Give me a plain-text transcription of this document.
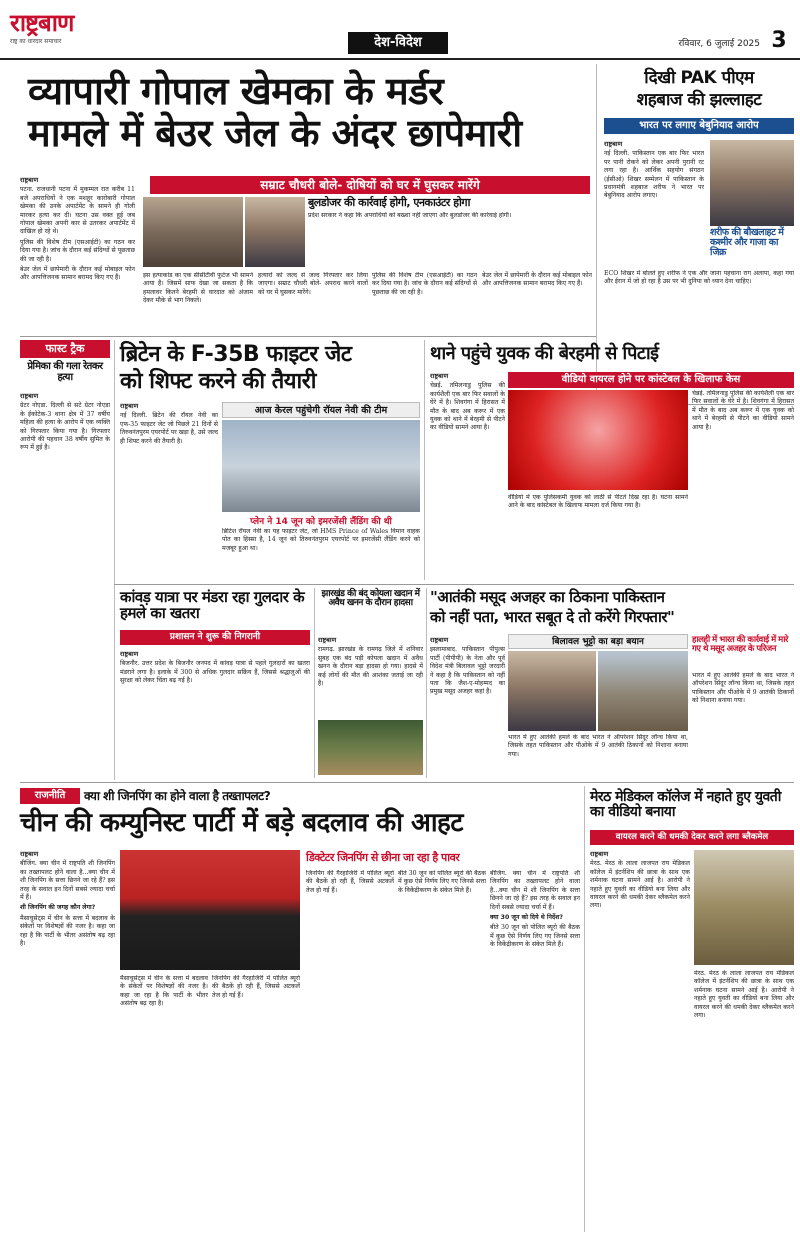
राष्ट्रबाण
राष्ट्र का धारदार समाचार	देश-विदेश	रविवार, 6 जुलाई 2025 3
व्यापारी गोपाल खेमका के मर्डर
मामले में बेउर जेल के अंदर छापेमारी
सम्राट चौधरी बोले- दोषियों को घर में घुसकर मारेंगे
राष्ट्रबाण

पटना. राजधानी पटना में मुकम्मल रात करीब 11 बजे अपराधियों ने एक मशहूर कारोबारी गोपाल खेमका की उनके अपार्टमेंट के सामने ही गोली मारकर हत्या कर दी। घटना उस वक्त हुई जब गोपाल खेमका अपनी कार से उतरकर अपार्टमेंट में दाखिल हो रहे थे।

पुलिस की विशेष टीम (एसआईटी) का गठन कर दिया गया है। जांच के दौरान कई संदिग्धों से पूछताछ की जा रही है।

बेउर जेल में छापेमारी के दौरान कई मोबाइल फोन और आपत्तिजनक सामान बरामद किए गए हैं।

बुलडोजर की कार्रवाई होगी, एनकाउंटर होगा
प्रदेश सरकार ने कहा कि अपराधियों को बख्शा नहीं जाएगा और बुलडोजर की कार्रवाई होगी।
इस हत्याकांड का एक सीसीटीवी फुटेज भी सामने आया है। जिसमें साफ देखा जा सकता है कि हमलावर कितने बेरहमी से वारदात को अंजाम देकर मौके से भाग निकले।
हत्यारों को जल्द से जल्द गिरफ्तार कर लिया जाएगा। सम्राट चौधरी बोले- अपराध करने वालों को घर में घुसकर मारेंगे।
पुलिस की विशेष टीम (एसआईटी) का गठन कर दिया गया है। जांच के दौरान कई संदिग्धों से पूछताछ की जा रही है।
बेउर जेल में छापेमारी के दौरान कई मोबाइल फोन और आपत्तिजनक सामान बरामद किए गए हैं।
दिखी PAK पीएम
शहबाज की झल्लाहट
भारत पर लगाए बेबुनियाद आरोप
राष्ट्रबाण

नई दिल्ली. पाकिस्तान एक बार फिर भारत पर पानी रोकने को लेकर अपनी पुरानी रट लगा रहा है। आर्थिक सहयोग संगठन (ईसीओ) शिखर सम्मेलन में पाकिस्तान के प्रधानमंत्री शहबाज शरीफ ने भारत पर बेबुनियाद आरोप लगाए।

शरीफ की बौखलाहट में कश्मीर और गाजा का जिक्र
ECO शिखर में बोलते हुए शरीफ ने एक और जाना पहचाना राग अलापा, कहा गया और ईरान में जो हो रहा है उस पर भी दुनिया को ध्यान देना चाहिए।
फास्ट ट्रैक
प्रेमिका की गला रेतकर हत्या
राष्ट्रबाण

ग्रेटर नोएडा. दिल्ली से सटे ग्रेटर नोएडा के ईकोटेक-3 थाना क्षेत्र में 37 वर्षीय महिला की हत्या के आरोप में एक व्यक्ति को गिरफ्तार किया गया है। गिरफ्तार आरोपी की पहचान 38 वर्षीय सुमित के रूप में हुई है।

ब्रिटेन के F-35B फाइटर जेट
को शिफ्ट करने की तैयारी
आज केरल पहुंचेगी रॉयल नेवी की टीम
राष्ट्रबाण

नई दिल्ली. ब्रिटेन की रॉयल नेवी का एफ-35 फाइटर जेट जो पिछले 21 दिनों से तिरुवनंतपुरम एयरपोर्ट पर खड़ा है, उसे जल्द ही शिफ्ट करने की तैयारी है।

प्लेन ने 14 जून को इमरजेंसी लैंडिंग की थी
ब्रिटिश रॉयल नेवी का यह फाइटर जेट, जो HMS Prince of Wales विमान वाहक पोत का हिस्सा है, 14 जून को तिरुवनंतपुरम एयरपोर्ट पर इमरजेंसी लैंडिंग करने को मजबूर हुआ था।
थाने पहुंचे युवक की बेरहमी से पिटाई
वीडियो वायरल होने पर कांस्टेबल के खिलाफ केस
राष्ट्रबाण

चेन्नई. तमिलनाडु पुलिस की कार्यशैली एक बार फिर सवालों के घेरे में है। शिवगंगा में हिरासत में मौत के बाद अब करूर में एक युवक को थाने में बेरहमी से पीटने का वीडियो सामने आया है।

वीडियो में एक पुलिसकर्मी युवक को लाठी से पीटते दिख रहा है। घटना सामने आने के बाद कांस्टेबल के खिलाफ मामला दर्ज किया गया है।
चेन्नई. तमिलनाडु पुलिस की कार्यशैली एक बार फिर सवालों के घेरे में है। शिवगंगा में हिरासत में मौत के बाद अब करूर में एक युवक को थाने में बेरहमी से पीटने का वीडियो सामने आया है।
कांवड़ यात्रा पर मंडरा रहा गुलदार के हमले का खतरा
प्रशासन ने शुरू की निगरानी
राष्ट्रबाण

बिजनौर. उत्तर प्रदेश के बिजनौर जनपद में कांवड़ यात्रा से पहले गुलदारों का खतरा मंडराने लगा है। इलाके में 300 से अधिक गुलदार सक्रिय हैं, जिससे श्रद्धालुओं की सुरक्षा को लेकर चिंता बढ़ गई है।

झारखंड की बंद कोयला खदान में अवैध खनन के दौरान हादसा
राष्ट्रबाण

रामगढ़. झारखंड के रामगढ़ जिले में शनिवार सुबह एक बंद पड़ी कोयला खदान में अवैध खनन के दौरान बड़ा हादसा हो गया। हादसे में कई लोगों की मौत की आशंका जताई जा रही है।

"आतंकी मसूद अजहर का ठिकाना पाकिस्तान
को नहीं पता, भारत सबूत दे तो करेंगे गिरफ्तार"
बिलावल भुट्टो का बड़ा बयान
राष्ट्रबाण

इस्लामाबाद. पाकिस्तान पीपुल्स पार्टी (पीपीपी) के नेता और पूर्व विदेश मंत्री बिलावल भुट्टो जरदारी ने कहा है कि पाकिस्तान को नहीं पता कि जैश-ए-मोहम्मद का प्रमुख मसूद अजहर कहां है।

भारत में हुए आतंकी हमले के बाद भारत ने ऑपरेशन सिंदूर लॉन्च किया था, जिसके तहत पाकिस्तान और पीओके में 9 आतंकी ठिकानों को निशाना बनाया गया।
हालही में भारत की कार्रवाई में मारे गए थे मसूद अजहर के परिजन
भारत में हुए आतंकी हमले के बाद भारत ने ऑपरेशन सिंदूर लॉन्च किया था, जिसके तहत पाकिस्तान और पीओके में 9 आतंकी ठिकानों को निशाना बनाया गया।
राजनीति	क्या शी जिनपिंग का होने वाला है तख्तापलट?
चीन की कम्युनिस्ट पार्टी में बड़े बदलाव की आहट
राष्ट्रबाण

बीजिंग. क्या चीन में राष्ट्रपति शी जिनपिंग का तख्तापलट होने वाला है...क्या चीन में शी जिनपिंग के सत्ता छिनने जा रहे हैं? इस तरह के सवाल इन दिनों सबसे ज्यादा चर्चा में हैं।

शी जिनपिंग की जगह कौन लेगा?

मैसाचुसेट्स में चीन के सत्ता में बदलाव के संकेतों पर विशेषज्ञों की नजर है। कहा जा रहा है कि पार्टी के भीतर असंतोष बढ़ रहा है।

मैसाचुसेट्स में चीन के सत्ता में बदलाव के संकेतों पर विशेषज्ञों की नजर है। कहा जा रहा है कि पार्टी के भीतर असंतोष बढ़ रहा है।
जिनपिंग की गैरहाजिरी में पोलित ब्यूरो की बैठकें हो रही हैं, जिससे अटकलें तेज हो गई हैं।
डिक्टेटर जिनपिंग से छीना जा रहा है पावर
जिनपिंग की गैरहाजिरी में पोलित ब्यूरो की बैठकें हो रही हैं, जिससे अटकलें तेज हो गई हैं।
बीते 30 जून को पोलित ब्यूरो की बैठक में कुछ ऐसे निर्णय लिए गए जिनसे सत्ता के विकेंद्रीकरण के संकेत मिले हैं।

बीजिंग. क्या चीन में राष्ट्रपति शी जिनपिंग का तख्तापलट होने वाला है...क्या चीन में शी जिनपिंग के सत्ता छिनने जा रहे हैं? इस तरह के सवाल इन दिनों सबसे ज्यादा चर्चा में हैं।

क्या 30 जून को दिये थे निर्देश?

बीते 30 जून को पोलित ब्यूरो की बैठक में कुछ ऐसे निर्णय लिए गए जिनसे सत्ता के विकेंद्रीकरण के संकेत मिले हैं।

मेरठ मेडिकल कॉलेज में नहाते हुए युवती का वीडियो बनाया
वायरल करने की धमकी देकर करने लगा ब्लैकमेल
राष्ट्रबाण

मेरठ. मेरठ के लाला लाजपत राय मेडिकल कॉलेज में इंटर्नशिप की छात्रा के साथ एक शर्मनाक घटना सामने आई है। आरोपी ने नहाते हुए युवती का वीडियो बना लिया और वायरल करने की धमकी देकर ब्लैकमेल करने लगा।

मेरठ. मेरठ के लाला लाजपत राय मेडिकल कॉलेज में इंटर्नशिप की छात्रा के साथ एक शर्मनाक घटना सामने आई है। आरोपी ने नहाते हुए युवती का वीडियो बना लिया और वायरल करने की धमकी देकर ब्लैकमेल करने लगा।
